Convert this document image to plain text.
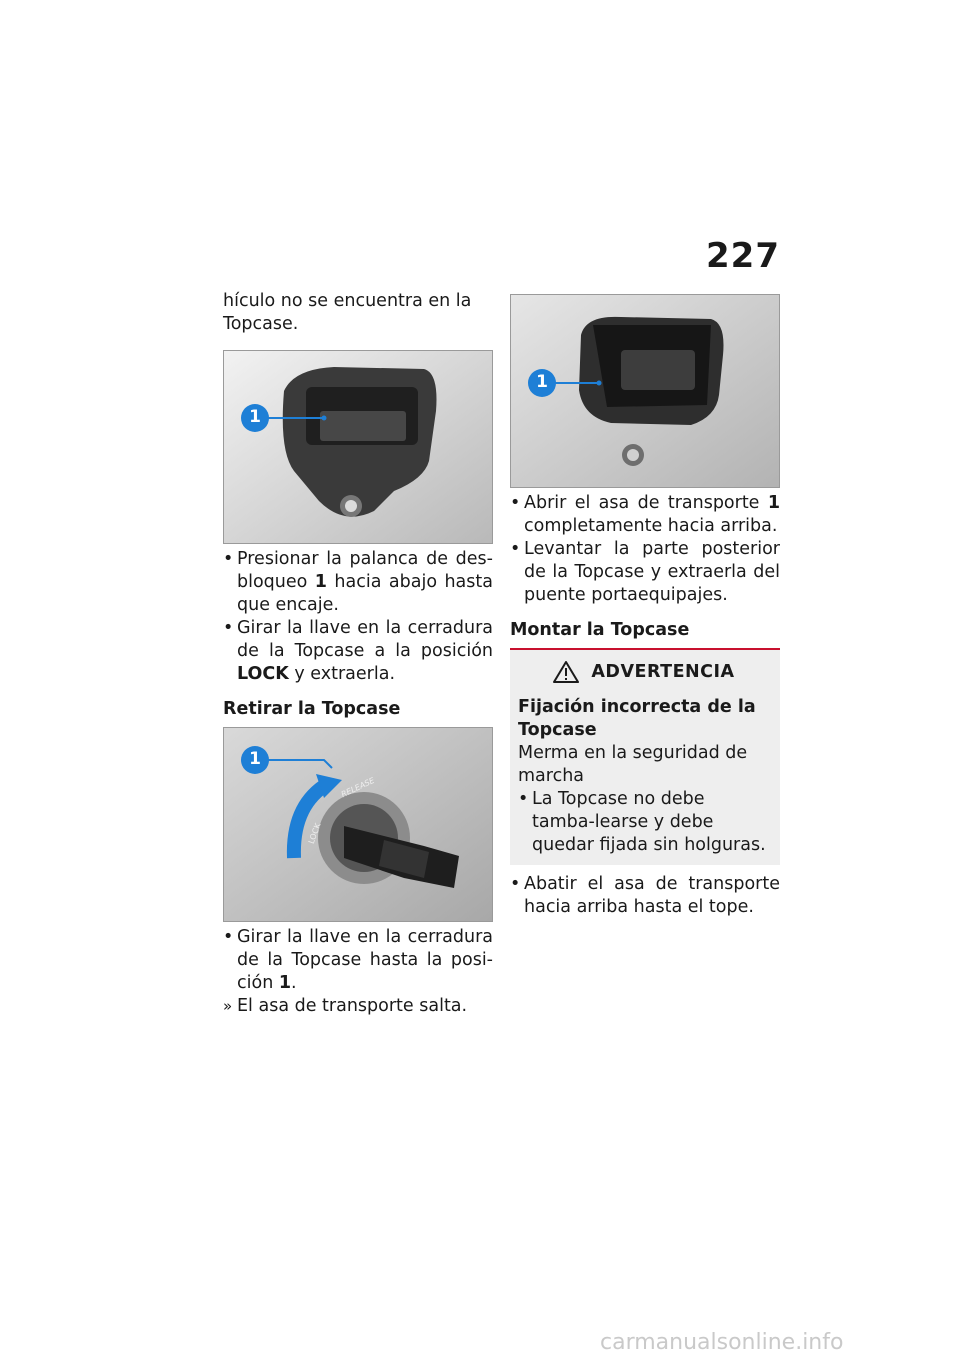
227

hículo no se encuentra en la Topcase.

1
• Presionar la palanca de des-bloqueo 1 hacia abajo hasta que encaje.
• Girar la llave en la cerradura de la Topcase a la posición LOCK y extraerla.
Retirar la Topcase
1
LOCK
RELEASE
• Girar la llave en la cerradura de la Topcase hasta la posi-ción 1.
» El asa de transporte salta.
1
• Abrir el asa de transporte 1 completamente hacia arriba.
• Levantar la parte posterior de la Topcase y extraerla del puente portaequipajes.
Montar la Topcase
ADVERTENCIA

Fijación incorrecta de la Topcase

Merma en la seguridad de marcha

• La Topcase no debe tamba-learse y debe quedar fijada sin holguras.
• Abatir el asa de transporte hacia arriba hasta el tope.
carmanualsonline.info
